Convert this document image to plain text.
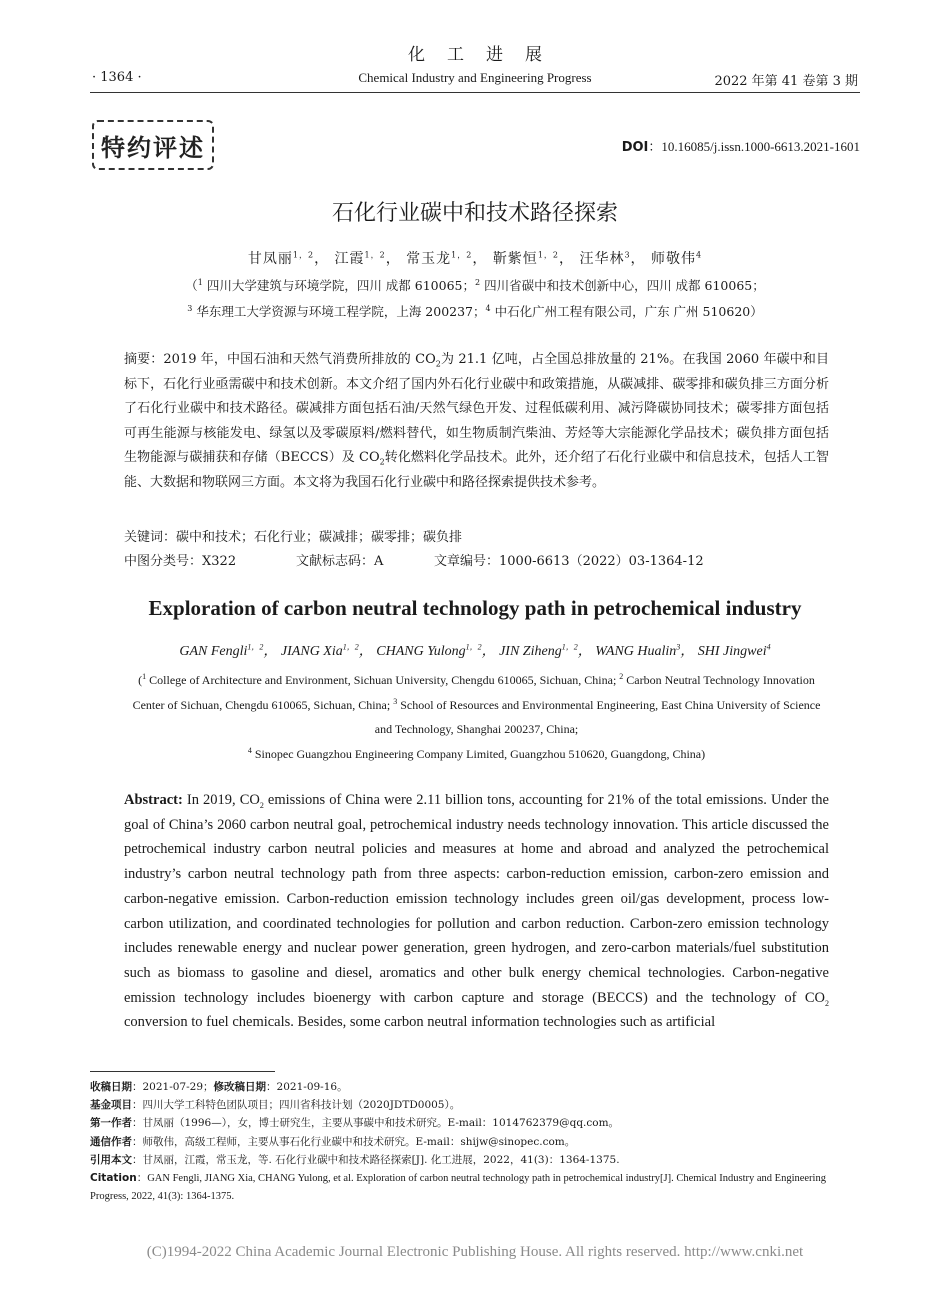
化工进展
· 1364 ·	Chemical Industry and Engineering Progress	2022 年第 41 卷第 3 期
特约评述	DOI：10.16085/j.issn.1000-6613.2021-1601
石化行业碳中和技术路径探索
甘凤丽$^{1,2}$， 江霞$^{1,2}$， 常玉龙$^{1,2}$， 靳紫恒$^{1,2}$， 汪华林$^3$， 师敬伟$^4$
（$^1$ 四川大学建筑与环境学院，四川 成都 610065；$^2$ 四川省碳中和技术创新中心，四川 成都 610065；
$^3$ 华东理工大学资源与环境工程学院，上海 200237；$^4$ 中石化广州工程有限公司，广东 广州 510620）
摘要：2019 年，中国石油和天然气消费所排放的 $CO_2$为 21.1 亿吨，占全国总排放量的 21%。在我国 2060 年碳中和目标下，石化行业亟需碳中和技术创新。本文介绍了国内外石化行业碳中和政策措施，从碳减排、碳零排和碳负排三方面分析了石化行业碳中和技术路径。碳减排方面包括石油/天然气绿色开发、过程低碳利用、减污降碳协同技术；碳零排方面包括可再生能源与核能发电、绿氢以及零碳原料/燃料替代，如生物质制汽柴油、芳烃等大宗能源化学品技术；碳负排方面包括生物能源与碳捕获和存储（BECCS）及 $CO_2$转化燃料化学品技术。此外，还介绍了石化行业碳中和信息技术，包括人工智能、大数据和物联网三方面。本文将为我国石化行业碳中和路径探索提供技术参考。
关键词：碳中和技术；石化行业；碳减排；碳零排；碳负排
中图分类号：X322	文献标志码：A	文章编号：1000-6613（2022）03-1364-12
Exploration of carbon neutral technology path in petrochemical industry
GAN Fengli$^{1,2}$， JIANG Xia$^{1,2}$， CHANG Yulong$^{1,2}$， JIN Ziheng$^{1,2}$， WANG Hualin$^3$， SHI Jingwei$^4$
($^1$ College of Architecture and Environment, Sichuan University, Chengdu 610065, Sichuan, China; $^2$ Carbon Neutral Technology Innovation Center of Sichuan, Chengdu 610065, Sichuan, China; $^3$ School of Resources and Environmental Engineering, East China University of Science and Technology, Shanghai 200237, China;
$^4$ Sinopec Guangzhou Engineering Company Limited, Guangzhou 510620, Guangdong, China)
Abstract: In 2019, $CO_2$ emissions of China were 2.11 billion tons, accounting for 21% of the total emissions. Under the goal of China’s 2060 carbon neutral goal, petrochemical industry needs technology innovation. This article discussed the petrochemical industry carbon neutral policies and measures at home and abroad and analyzed the petrochemical industry’s carbon neutral technology path from three aspects: carbon-reduction emission, carbon-zero emission and carbon-negative emission. Carbon-reduction emission technology includes green oil/gas development, process low-carbon utilization, and coordinated technologies for pollution and carbon reduction. Carbon-zero emission technology includes renewable energy and nuclear power generation, green hydrogen, and zero-carbon materials/fuel substitution such as biomass to gasoline and diesel, aromatics and other bulk energy chemical technologies. Carbon-negative emission technology includes bioenergy with carbon capture and storage (BECCS) and the technology of $CO_2$ conversion to fuel chemicals. Besides, some carbon neutral information technologies such as artificial
收稿日期：2021-07-29；修改稿日期：2021-09-16。
基金项目：四川大学工科特色团队项目；四川省科技计划（2020JDTD0005）。
第一作者：甘凤丽（1996—），女，博士研究生，主要从事碳中和技术研究。E-mail：1014762379@qq.com。
通信作者：师敬伟，高级工程师，主要从事石化行业碳中和技术研究。E-mail：shijw@sinopec.com。
引用本文：甘凤丽，江霞，常玉龙，等. 石化行业碳中和技术路径探索[J]. 化工进展，2022，41(3)：1364-1375.
Citation：GAN Fengli, JIANG Xia, CHANG Yulong, et al. Exploration of carbon neutral technology path in petrochemical industry[J]. Chemical Industry and Engineering Progress, 2022, 41(3): 1364-1375.
(C)1994-2022 China Academic Journal Electronic Publishing House. All rights reserved. http://www.cnki.net
